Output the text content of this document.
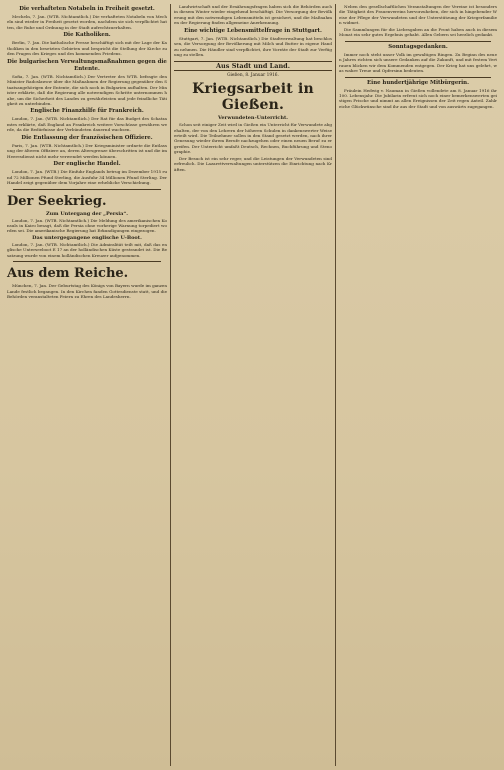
Die verhafteten Notabeln in Freiheit gesetzt.
Mecheln, 7. Jan. (WTB. Nichtamtlich.) Die verhafteten Notabeln von Mecheln sind wieder in Freiheit gesetzt worden, nachdem sie sich verpflichtet hatten, die Ruhe und Ordnung in der Stadt aufrechtzuerhalten.
Die Katholiken.
Berlin, 7. Jan. Die katholische Presse beschäftigt sich mit der Lage der Katholiken in den besetzten Gebieten und bespricht die Stellung der Kirche zu den Fragen des Krieges und des kommenden Friedens.
Die bulgarischen Verwaltungsmaßnahmen gegen die Entente.
Sofia, 7. Jan. (WTB. Nichtamtlich.) Der Vertreter des WTB. befragte den Minister Radoslawow über die Maßnahmen der Regierung gegenüber den Staatsangehörigen der Entente, die sich noch in Bulgarien aufhalten. Der Minister erklärte, daß die Regierung alle notwendigen Schritte unternommen habe, um die Sicherheit des Landes zu gewährleisten und jede feindliche Tätigkeit zu unterbinden.
Englische Finanzhilfe für Frankreich.
London, 7. Jan. (WTB. Nichtamtlich.) Der Rat für das Budget des Schatzamtes erklärte, daß England an Frankreich weitere Vorschüsse gewähren werde, da die Bedürfnisse der Verbündeten dauernd wachsen.
Die Entlassung der französischen Offiziere.
Paris, 7. Jan. (WTB. Nichtamtlich.) Der Kriegsminister ordnete die Entlassung der älteren Offiziere an, deren Altersgrenze überschritten ist und die im Heeresdienst nicht mehr verwendet werden können.
Der englische Handel.
London, 7. Jan. (WTB.) Die Einfuhr Englands betrug im Dezember 1915 rund 72 Millionen Pfund Sterling, die Ausfuhr 34 Millionen Pfund Sterling. Der Handel zeigt gegenüber dem Vorjahre eine erhebliche Verschiebung.
Der Seekrieg.
Zum Untergang der „Persia“.
London, 7. Jan. (WTB. Nichtamtlich.) Die Meldung des amerikanischen Konsuls in Kairo besagt, daß die Persia ohne vorherige Warnung torpediert worden sei. Die amerikanische Regierung hat Erkundigungen eingezogen.
Das untergegangene englische U-Boot.
London, 7. Jan. (WTB. Nichtamtlich.) Die Admiralität teilt mit, daß das englische Unterseeboot E 17 an der holländischen Küste gestrandet ist. Die Besatzung wurde von einem holländischen Kreuzer aufgenommen.
Aus dem Reiche.
München, 7. Jan. Der Geburtstag des Königs von Bayern wurde im ganzen Lande festlich begangen. In den Kirchen fanden Gottesdienste statt, und die Behörden veranstalteten Feiern zu Ehren des Landesherrn.
Landwirtschaft und der Ernährungsfragen haben sich die Behörden auch in diesem Winter wieder eingehend beschäftigt. Die Versorgung der Bevölkerung mit den notwendigen Lebensmitteln ist gesichert, und die Maßnahmen der Regierung finden allgemeine Anerkennung.
Eine wichtige Lebensmittelfrage in Stuttgart.
Stuttgart, 7. Jan. (WTB. Nichtamtlich.) Die Stadtverwaltung hat beschlossen, die Versorgung der Bevölkerung mit Milch und Butter in eigene Hand zu nehmen. Die Händler sind verpflichtet, ihre Vorräte der Stadt zur Verfügung zu stellen.
Aus Stadt und Land.
Gießen, 8. Januar 1916.
Kriegsarbeit in Gießen.
Verwundeten-Unterricht.
Schon seit einiger Zeit wird in Gießen ein Unterricht für Verwundete abgehalten, der von den Lehrern der höheren Schulen in dankenswerter Weise erteilt wird. Die Teilnehmer sollen in den Stand gesetzt werden, nach ihrer Genesung wieder ihrem Berufe nachzugehen oder einen neuen Beruf zu ergreifen. Der Unterricht umfaßt Deutsch, Rechnen, Buchführung und Stenographie.
Der Besuch ist ein sehr reger, und die Leistungen der Verwundeten sind erfreulich. Die Lazarettverwaltungen unterstützen die Einrichtung nach Kräften.
Neben den gesellschaftlichen Veranstaltungen der Vereine ist besonders die Tätigkeit des Frauenvereins hervorzuheben, der sich in hingebender Weise der Pflege der Verwundeten und der Unterstützung der Kriegerfamilien widmet.
Die Sammlungen für die Liebesgaben an die Front haben auch in diesem Monat ein sehr gutes Ergebnis gehabt. Allen Gebern sei herzlich gedankt.
Sonntagsgedanken.
Immer noch steht unser Volk im gewaltigen Ringen. Zu Beginn des neuen Jahres richten sich unsere Gedanken auf die Zukunft, und mit festem Vertrauen blicken wir dem Kommenden entgegen. Der Krieg hat uns gelehrt, was wahre Treue und Opfersinn bedeuten.
Eine hundertjährige Mitbürgerin.
Fräulein Hedwig v. Nauman in Gießen vollendete am 8. Januar 1916 ihr 100. Lebensjahr. Die Jubilarin erfreut sich noch einer bemerkenswerten geistigen Frische und nimmt an allen Ereignissen der Zeit regen Anteil. Zahlreiche Glückwünsche sind ihr aus der Stadt und von auswärts zugegangen.
